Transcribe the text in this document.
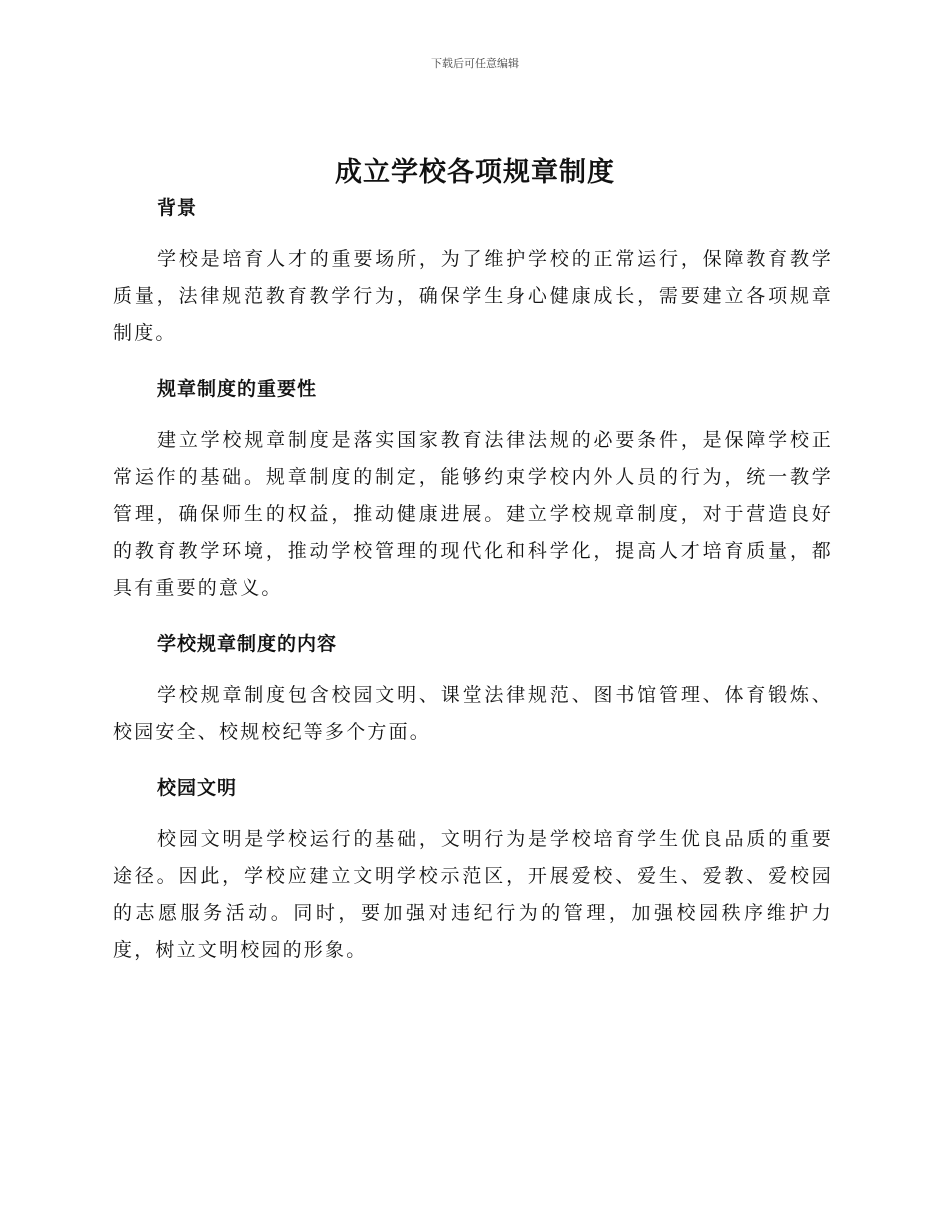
下载后可任意编辑
成立学校各项规章制度
背景

学校是培育人才的重要场所，为了维护学校的正常运行，保障教育教学质量，法律规范教育教学行为，确保学生身心健康成长，需要建立各项规章制度。

规章制度的重要性

建立学校规章制度是落实国家教育法律法规的必要条件，是保障学校正常运作的基础。规章制度的制定，能够约束学校内外人员的行为，统一教学管理，确保师生的权益，推动健康进展。建立学校规章制度，对于营造良好的教育教学环境，推动学校管理的现代化和科学化，提高人才培育质量，都具有重要的意义。

学校规章制度的内容

学校规章制度包含校园文明、课堂法律规范、图书馆管理、体育锻炼、校园安全、校规校纪等多个方面。

校园文明

校园文明是学校运行的基础，文明行为是学校培育学生优良品质的重要途径。因此，学校应建立文明学校示范区，开展爱校、爱生、爱教、爱校园的志愿服务活动。同时，要加强对违纪行为的管理，加强校园秩序维护力度，树立文明校园的形象。
